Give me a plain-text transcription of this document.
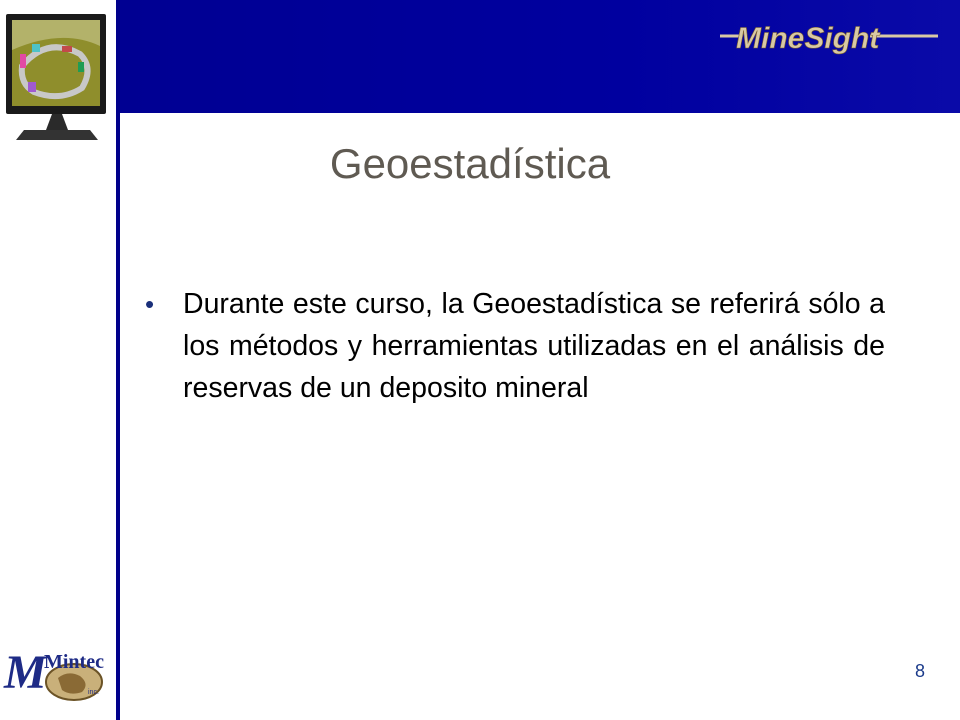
MineSight
Geoestadística
• Durante este curso, la Geoestadística se referirá sólo a los métodos y herramientas utilizadas en el análisis de reservas de un deposito mineral
M
Mintec
inc.
8
